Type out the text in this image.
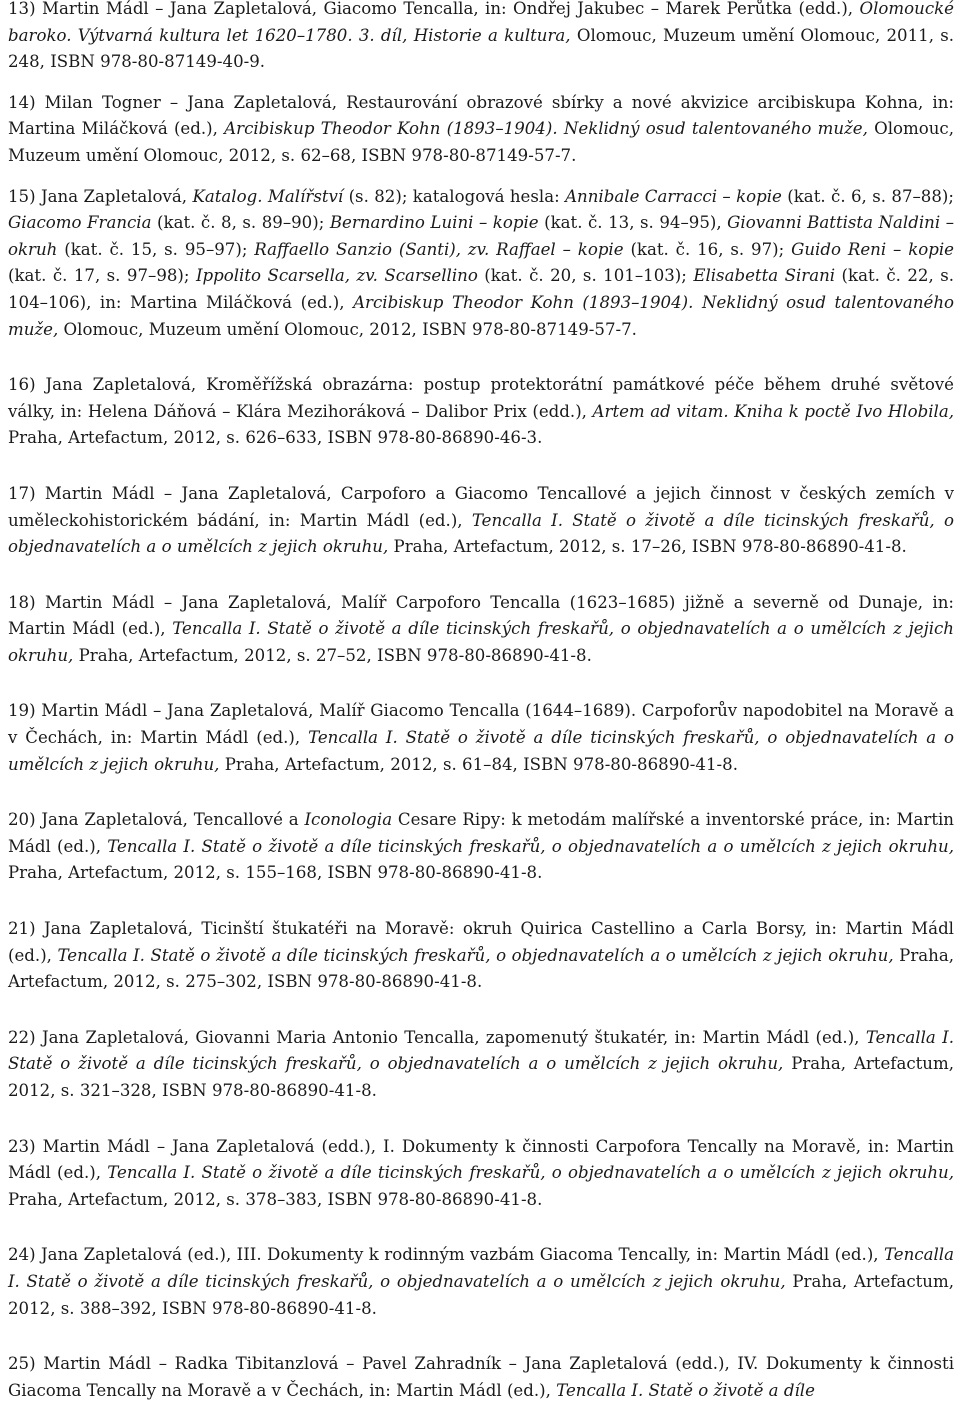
13) Martin Mádl – Jana Zapletalová, Giacomo Tencalla, in: Ondřej Jakubec – Marek Perůtka (edd.), Olomoucké baroko. Výtvarná kultura let 1620–1780. 3. díl, Historie a kultura, Olomouc, Muzeum umění Olomouc, 2011, s. 248, ISBN 978-80-87149-40-9.

14) Milan Togner – Jana Zapletalová, Restaurování obrazové sbírky a nové akvizice arcibiskupa Kohna, in: Martina Miláčková (ed.), Arcibiskup Theodor Kohn (1893–1904). Neklidný osud talentovaného muže, Olomouc, Muzeum umění Olomouc, 2012, s. 62–68, ISBN 978-80-87149-57-7.

15) Jana Zapletalová, Katalog. Malířství (s. 82); katalogová hesla: Annibale Carracci – kopie (kat. č. 6, s. 87–88); Giacomo Francia (kat. č. 8, s. 89–90); Bernardino Luini – kopie (kat. č. 13, s. 94–95), Giovanni Battista Naldini – okruh (kat. č. 15, s. 95–97); Raffaello Sanzio (Santi), zv. Raffael – kopie (kat. č. 16, s. 97); Guido Reni – kopie (kat. č. 17, s. 97–98); Ippolito Scarsella, zv. Scarsellino (kat. č. 20, s. 101–103); Elisabetta Sirani (kat. č. 22, s. 104–106), in: Martina Miláčková (ed.), Arcibiskup Theodor Kohn (1893–1904). Neklidný osud talentovaného muže, Olomouc, Muzeum umění Olomouc, 2012, ISBN 978-80-87149-57-7.

16) Jana Zapletalová, Kroměřížská obrazárna: postup protektorátní památkové péče během druhé světové války, in: Helena Dáňová – Klára Mezihoráková – Dalibor Prix (edd.), Artem ad vitam. Kniha k poctě Ivo Hlobila, Praha, Artefactum, 2012, s. 626–633, ISBN 978-80-86890-46-3.

17) Martin Mádl – Jana Zapletalová, Carpoforo a Giacomo Tencallové a jejich činnost v českých zemích v uměleckohistorickém bádání, in: Martin Mádl (ed.), Tencalla I. Statě o životě a díle ticinských freskařů, o objednavatelích a o umělcích z jejich okruhu, Praha, Artefactum, 2012, s. 17–26, ISBN 978-80-86890-41-8.

18) Martin Mádl – Jana Zapletalová, Malíř Carpoforo Tencalla (1623–1685) jižně a severně od Dunaje, in: Martin Mádl (ed.), Tencalla I. Statě o životě a díle ticinských freskařů, o objednavatelích a o umělcích z jejich okruhu, Praha, Artefactum, 2012, s. 27–52, ISBN 978-80-86890-41-8.

19) Martin Mádl – Jana Zapletalová, Malíř Giacomo Tencalla (1644–1689). Carpoforův napodobitel na Moravě a v Čechách, in: Martin Mádl (ed.), Tencalla I. Statě o životě a díle ticinských freskařů, o objednavatelích a o umělcích z jejich okruhu, Praha, Artefactum, 2012, s. 61–84, ISBN 978-80-86890-41-8.

20) Jana Zapletalová, Tencallové a Iconologia Cesare Ripy: k metodám malířské a inventorské práce, in: Martin Mádl (ed.), Tencalla I. Statě o životě a díle ticinských freskařů, o objednavatelích a o umělcích z jejich okruhu, Praha, Artefactum, 2012, s. 155–168, ISBN 978-80-86890-41-8.

21) Jana Zapletalová, Ticinští štukatéři na Moravě: okruh Quirica Castellino a Carla Borsy, in: Martin Mádl (ed.), Tencalla I. Statě o životě a díle ticinských freskařů, o objednavatelích a o umělcích z jejich okruhu, Praha, Artefactum, 2012, s. 275–302, ISBN 978-80-86890-41-8.

22) Jana Zapletalová, Giovanni Maria Antonio Tencalla, zapomenutý štukatér, in: Martin Mádl (ed.), Tencalla I. Statě o životě a díle ticinských freskařů, o objednavatelích a o umělcích z jejich okruhu, Praha, Artefactum, 2012, s. 321–328, ISBN 978-80-86890-41-8.

23) Martin Mádl – Jana Zapletalová (edd.), I. Dokumenty k činnosti Carpofora Tencally na Moravě, in: Martin Mádl (ed.), Tencalla I. Statě o životě a díle ticinských freskařů, o objednavatelích a o umělcích z jejich okruhu, Praha, Artefactum, 2012, s. 378–383, ISBN 978-80-86890-41-8.

24) Jana Zapletalová (ed.), III. Dokumenty k rodinným vazbám Giacoma Tencally, in: Martin Mádl (ed.), Tencalla I. Statě o životě a díle ticinských freskařů, o objednavatelích a o umělcích z jejich okruhu, Praha, Artefactum, 2012, s. 388–392, ISBN 978-80-86890-41-8.

25) Martin Mádl – Radka Tibitanzlová – Pavel Zahradník – Jana Zapletalová (edd.), IV. Dokumenty k činnosti Giacoma Tencally na Moravě a v Čechách, in: Martin Mádl (ed.), Tencalla I. Statě o životě a díle
